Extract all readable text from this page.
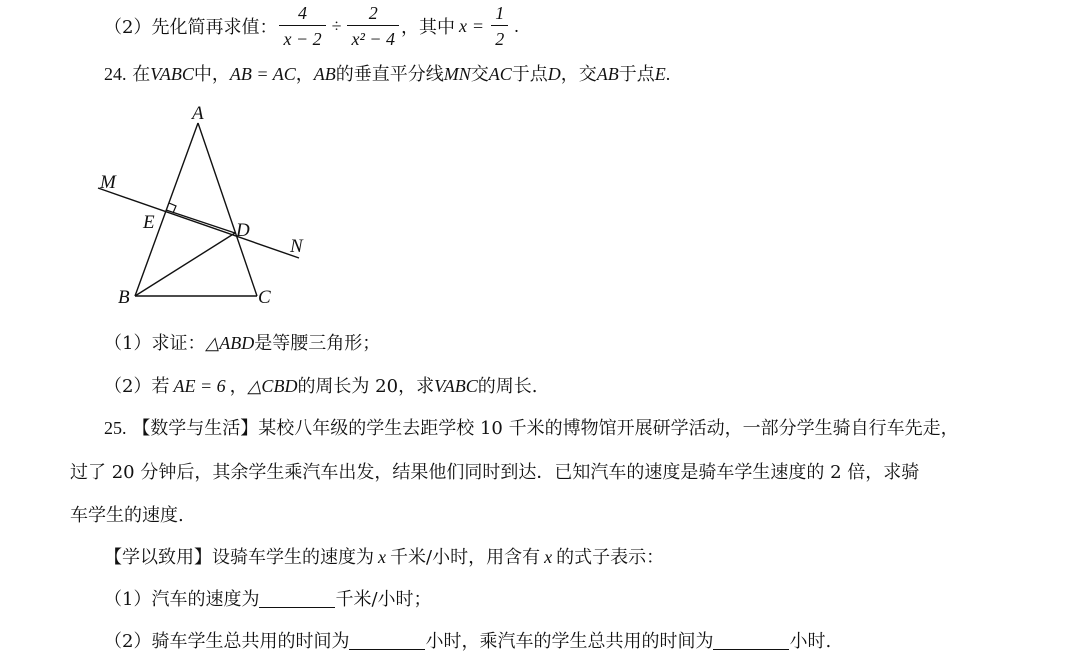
（2）先化简再求值： $\frac{4}{x - 2} \div \frac{2}{\text{x² − 4}}$ ，其中 $x = \frac{1}{2}$ .
24. 在VABC中，AB = AC，AB的垂直平分线MN交AC于点D，交AB于点E.
A
M
E	D
N
B	C
（1）求证：△ABD是等腰三角形；
（2）若 AE = 6 ，△CBD的周长为 20，求VABC的周长.
25. 【数学与生活】某校八年级的学生去距学校 10 千米的博物馆开展研学活动，一部分学生骑自行车先走，
过了 20 分钟后，其余学生乘汽车出发，结果他们同时到达．已知汽车的速度是骑车学生速度的 2 倍，求骑
车学生的速度.
【学以致用】设骑车学生的速度为 x 千米/小时，用含有 x 的式子表示：
（1）汽车的速度为	千米/小时；
（2）骑车学生总共用的时间为	小时，乘汽车的学生总共用的时间为	小时.
